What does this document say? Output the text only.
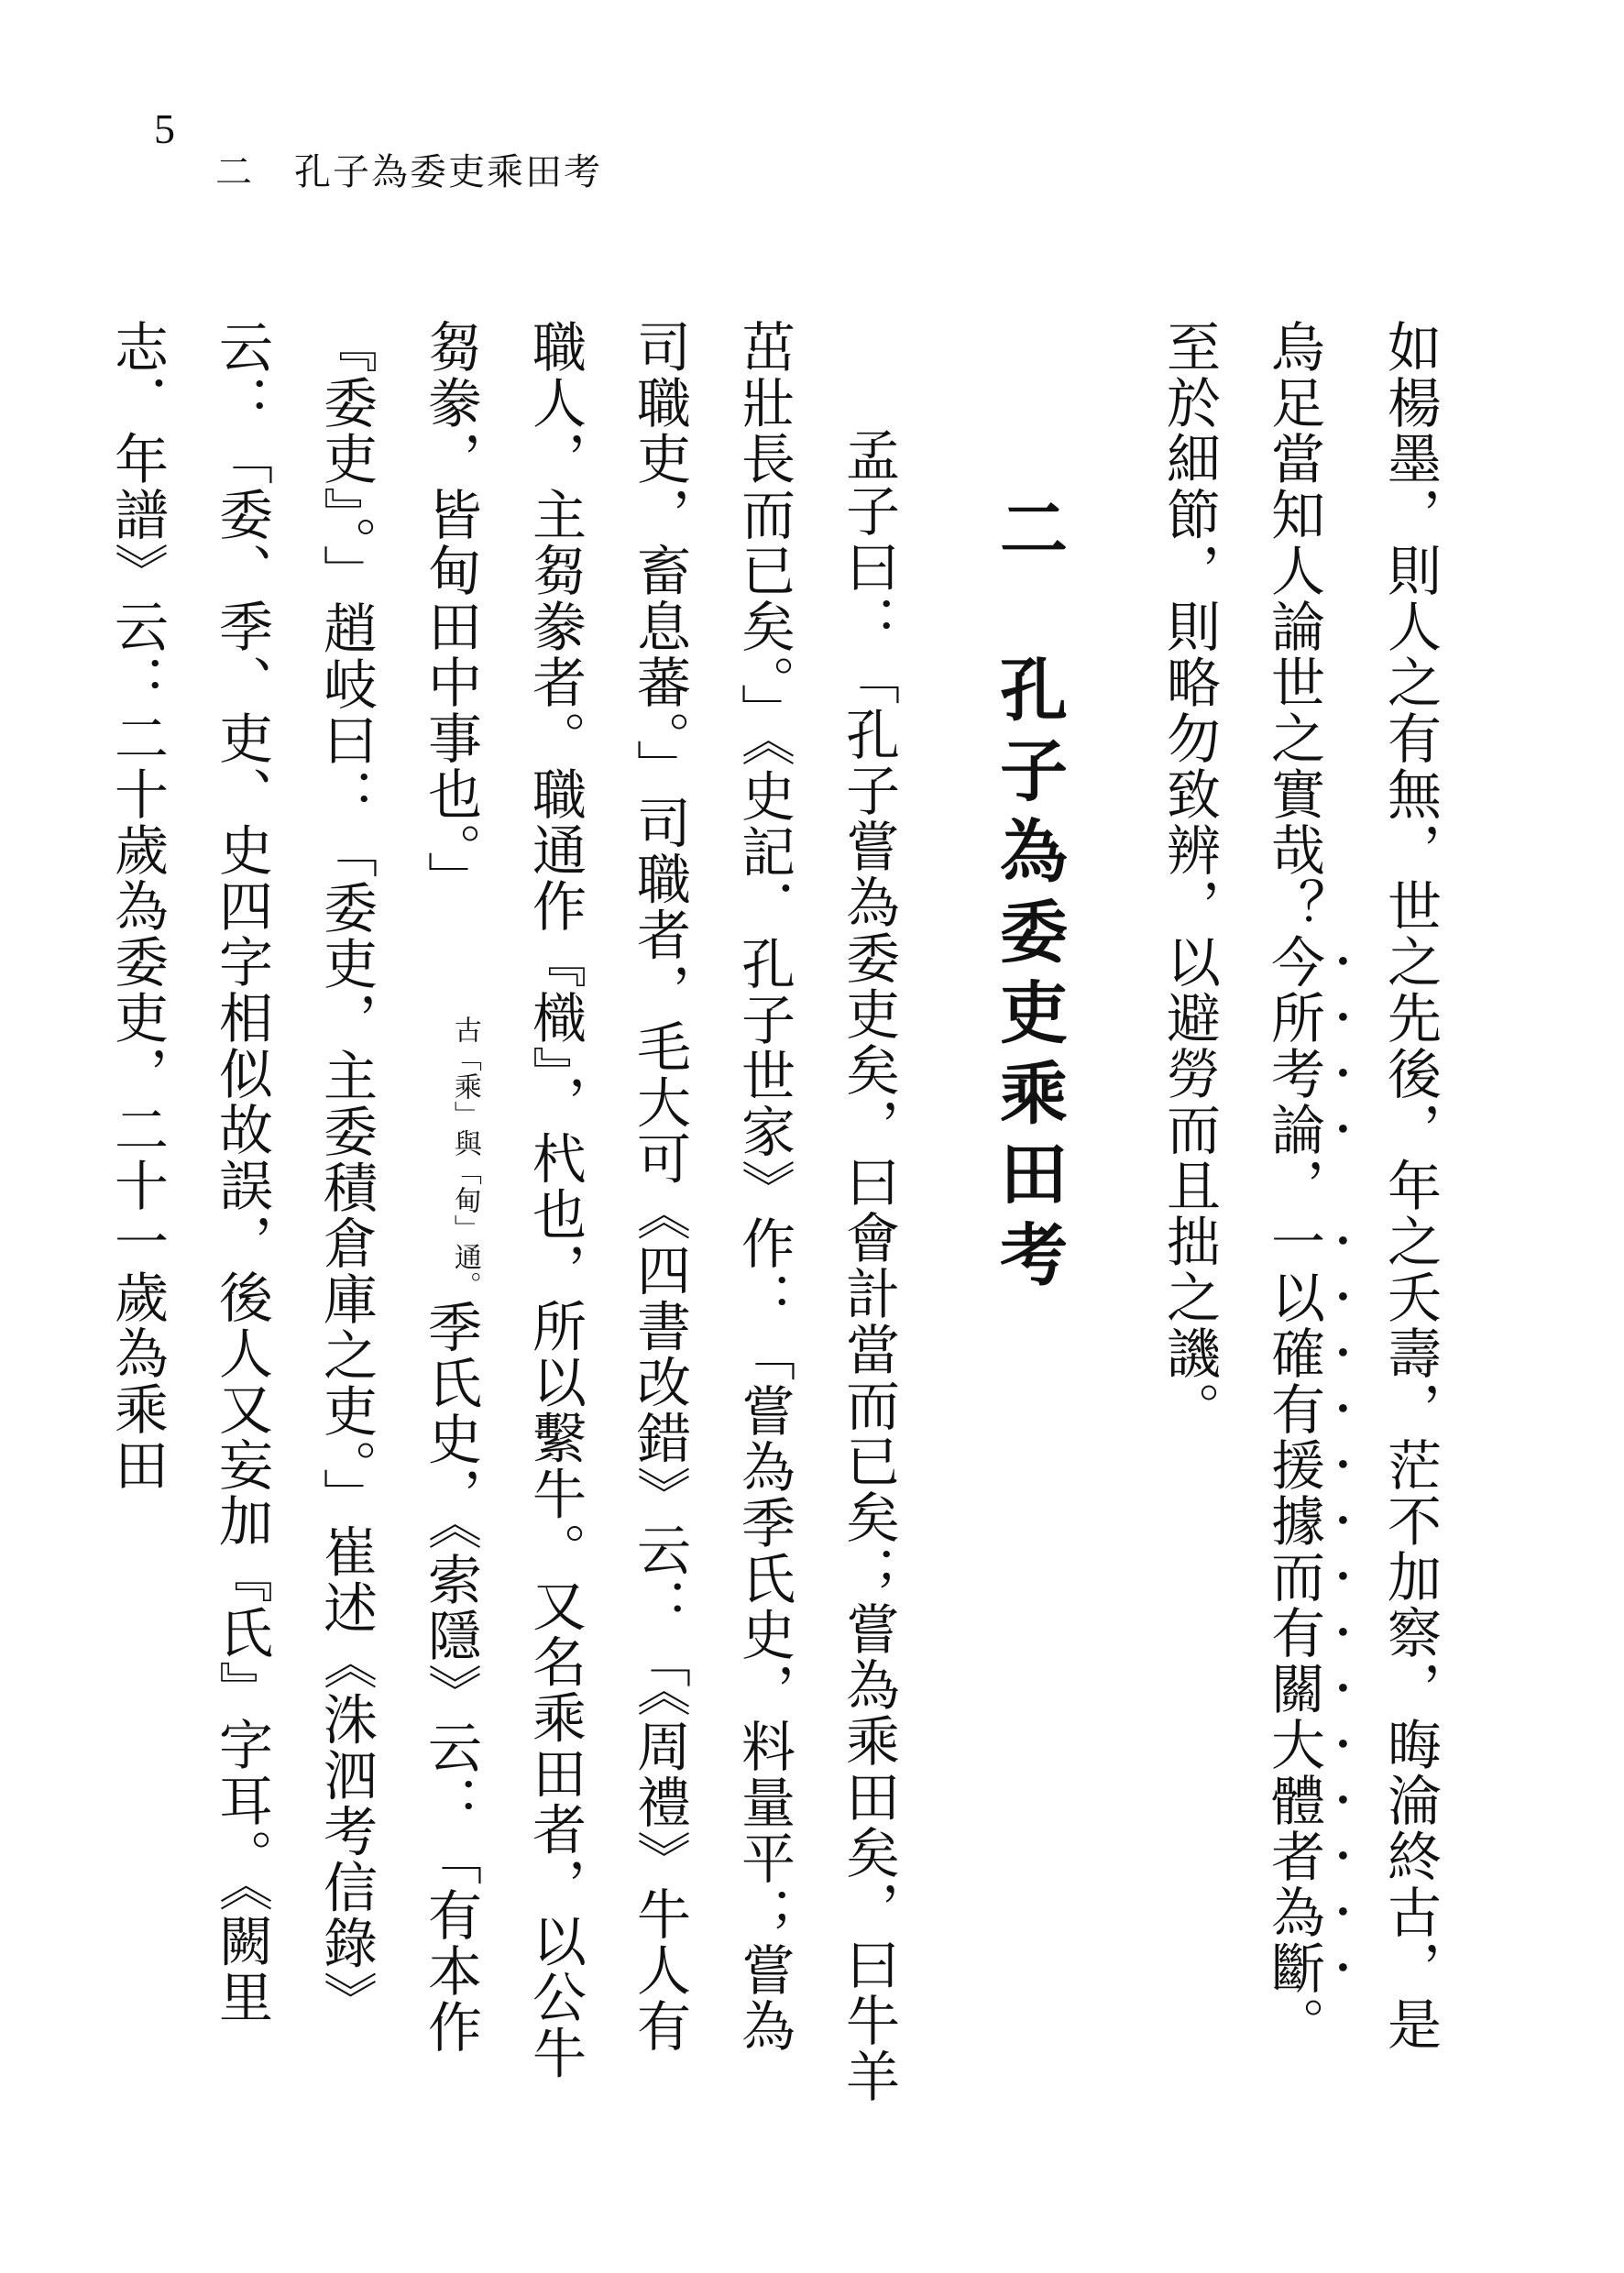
5
二 孔子為委吏乘田考

如楊墨，則人之有無，世之先後，年之夭壽，茫不加察，晦淪終古，是烏足當知人論世之實哉？今所考論，一以確有援據而有關大體者為斷。至於細節，則略勿致辨，以避勞而且拙之譏。

二孔子為委吏乘田考

孟子曰：「孔子嘗為委吏矣，曰會計當而已矣；嘗為乘田矣，曰牛羊茁壯長而已矣。」《史記．孔子世家》作：「嘗為季氏史，料量平；嘗為司職吏，畜息蕃。」司職者，毛大可《四書改錯》云：「《周禮》牛人有職人，主芻豢者。職通作『樴』，杙也，所以繫牛。又名乘田者，以公牛芻豢，皆甸田中事也。」古「乘」與「甸」通。季氏史，《索隱》云：「有本作『委吏』。」趙岐曰：「委吏，主委積倉庫之吏。」崔述《洙泗考信錄》云：「委、季、吏、史四字相似故誤，後人又妄加『氏』字耳。《闕里志．年譜》云：二十歲為委吏，二十一歲為乘田
